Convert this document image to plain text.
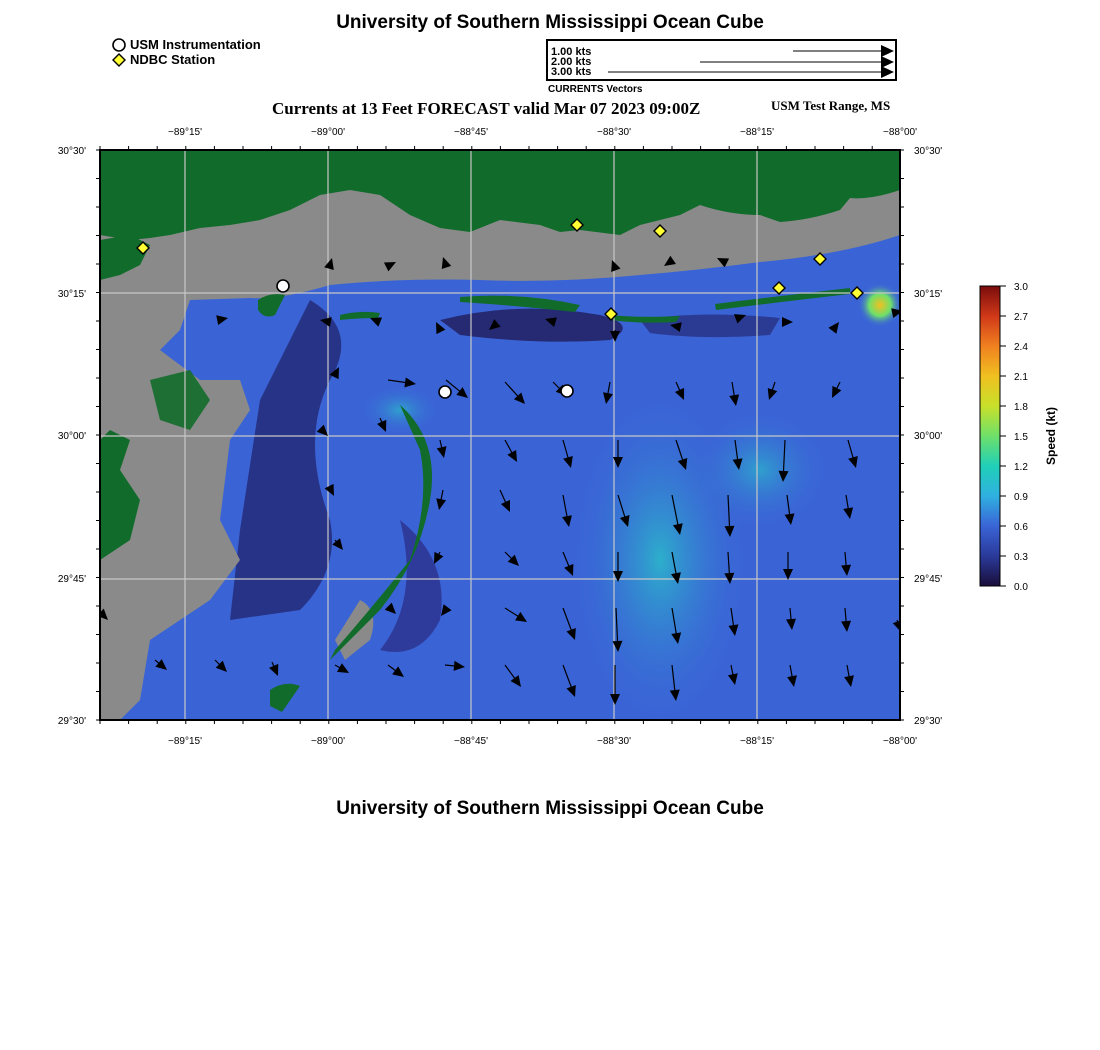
University of Southern Mississippi Ocean Cube
USM Instrumentation
NDBC Station	1.00 kts
2.00 kts
3.00 kts
CURRENTS Vectors
Currents at 13 Feet FORECAST valid Mar 07 2023 09:00Z	USM Test Range, MS
−89°15'	−89°00'	−88°45'	−88°30'	−88°15'	−88°00'
−89°15'	−89°00'	−88°45'	−88°30'	−88°15'	−88°00'
30°30'
30°15'
30°00'
29°45'
29°30'
30°30'
30°15'
30°00'
29°45'
29°30'
3.0
2.7
2.4
2.1
1.8
1.5
1.2
0.9
0.6
0.3
0.0
Speed (kt)
University of Southern Mississippi Ocean Cube
